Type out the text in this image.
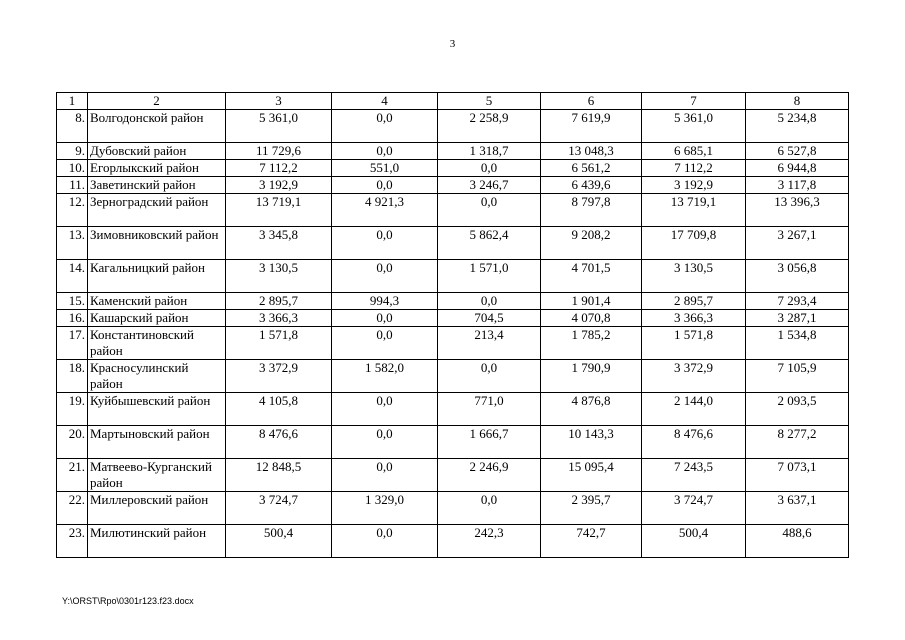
3
1	2	3	4	5	6	7	8
8.	Волгодонской район	5 361,0	0,0	2 258,9	7 619,9	5 361,0	5 234,8
9.	Дубовский район	11 729,6	0,0	1 318,7	13 048,3	6 685,1	6 527,8
10.	Егорлыкский район	7 112,2	551,0	0,0	6 561,2	7 112,2	6 944,8
11.	Заветинский район	3 192,9	0,0	3 246,7	6 439,6	3 192,9	3 117,8
12.	Зерноградский район	13 719,1	4 921,3	0,0	8 797,8	13 719,1	13 396,3
13.	Зимовниковский район	3 345,8	0,0	5 862,4	9 208,2	17 709,8	3 267,1
14.	Кагальницкий район	3 130,5	0,0	1 571,0	4 701,5	3 130,5	3 056,8
15.	Каменский район	2 895,7	994,3	0,0	1 901,4	2 895,7	7 293,4
16.	Кашарский район	3 366,3	0,0	704,5	4 070,8	3 366,3	3 287,1
17.	Константиновский район	1 571,8	0,0	213,4	1 785,2	1 571,8	1 534,8
18.	Красносулинский район	3 372,9	1 582,0	0,0	1 790,9	3 372,9	7 105,9
19.	Куйбышевский район	4 105,8	0,0	771,0	4 876,8	2 144,0	2 093,5
20.	Мартыновский район	8 476,6	0,0	1 666,7	10 143,3	8 476,6	8 277,2
21.	Матвеево-Курганский район	12 848,5	0,0	2 246,9	15 095,4	7 243,5	7 073,1
22.	Миллеровский район	3 724,7	1 329,0	0,0	2 395,7	3 724,7	3 637,1
23.	Милютинский район	500,4	0,0	242,3	742,7	500,4	488,6
Y:\ORST\Rpo\0301r123.f23.docx
